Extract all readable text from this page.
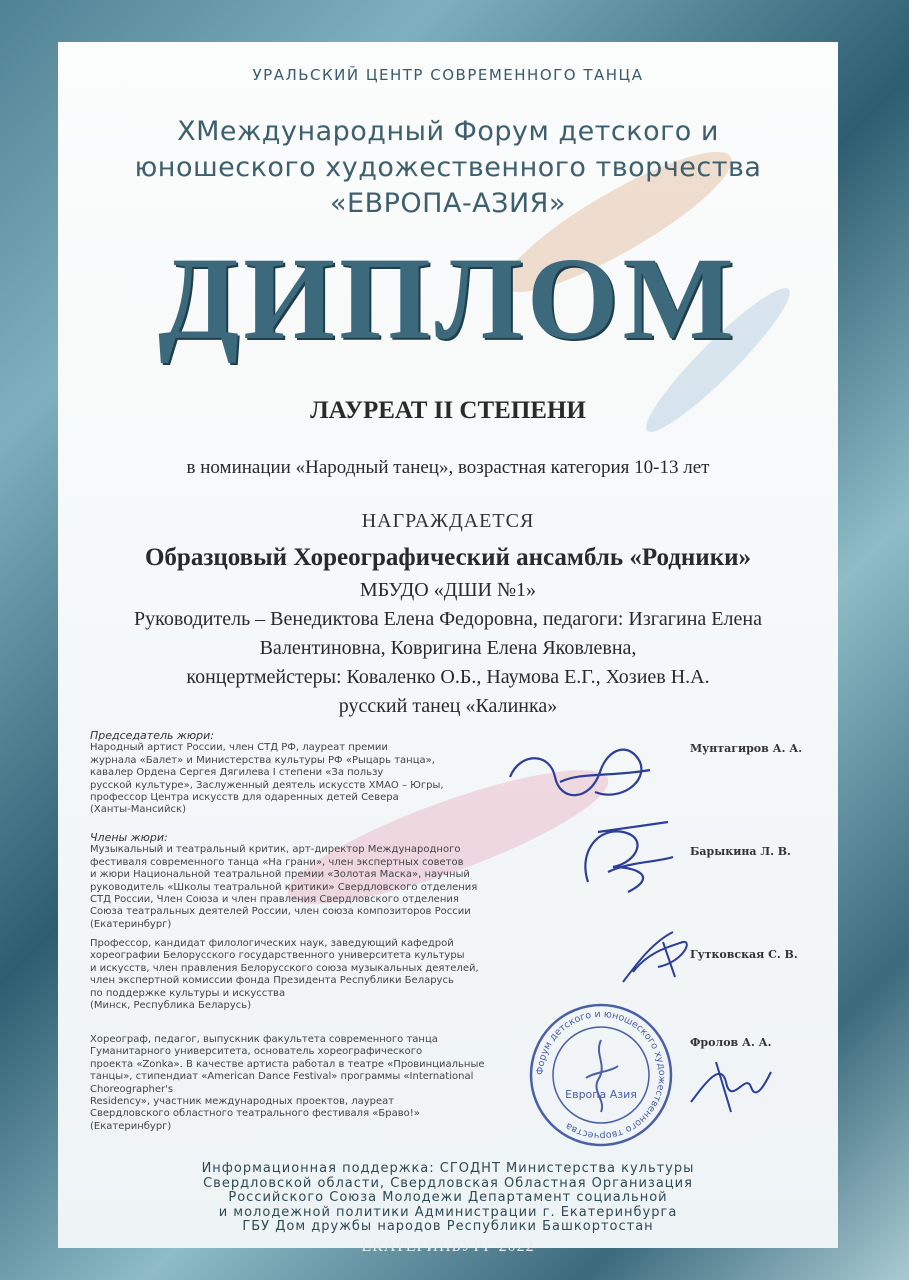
УРАЛЬСКИЙ ЦЕНТР СОВРЕМЕННОГО ТАНЦА
XМеждународный Форум детского и
юношеского художественного творчества
«ЕВРОПА-АЗИЯ»
ДИПЛОМ
ЛАУРЕАТ II СТЕПЕНИ
в номинации «Народный танец», возрастная категория 10-13 лет
НАГРАЖДАЕТСЯ
Образцовый Хореографический ансамбль «Родники»
МБУДО «ДШИ №1»
Руководитель – Венедиктова Елена Федоровна, педагоги: Изгагина Елена
Валентиновна, Ковригина Елена Яковлевна,
концертмейстеры: Коваленко О.Б., Наумова Е.Г., Хозиев Н.А.
русский танец «Калинка»
Председатель жюри:
Народный артист России, член СТД РФ, лауреат премии
журнала «Балет» и Министерства культуры РФ «Рыцарь танца»,
кавалер Ордена Сергея Дягилева I степени «За пользу
русской культуре», Заслуженный деятель искусств ХМАО – Югры,
профессор Центра искусств для одаренных детей Севера
(Ханты-Мансийск)
Мунтагиров А. А.
Члены жюри:
Музыкальный и театральный критик, арт-директор Международного
фестиваля современного танца «На грани», член экспертных советов
и жюри Национальной театральной премии «Золотая Маска», научный
руководитель «Школы театральной критики» Свердловского отделения
СТД России, Член Союза и член правления Свердловского отделения
Союза театральных деятелей России, член союза композиторов России
(Екатеринбург)
Барыкина Л. В.
Профессор, кандидат филологических наук, заведующий кафедрой
хореографии Белорусского государственного университета культуры
и искусств, член правления Белорусского союза музыкальных деятелей,
член экспертной комиссии фонда Президента Республики Беларусь
по поддержке культуры и искусства
(Минск, Республика Беларусь)
Гутковская С. В.
Хореограф, педагог, выпускник факультета современного танца
Гуманитарного университета, основатель хореографического
проекта «Zonka». В качестве артиста работал в театре «Провинциальные
танцы», стипендиат «American Dance Festival» программы «International Choreographer's
Residency», участник международных проектов, лауреат
Свердловского областного театрального фестиваля «Браво!»
(Екатеринбург)
Фролов А. А.
Форум детского и юношеского художественного творчества
Европа Азия
Информационная поддержка: СГОДНТ Министерства культуры
Свердловской области, Свердловская Областная Организация
Российского Союза Молодежи Департамент социальной
и молодежной политики Администрации г. Екатеринбурга
ГБУ Дом дружбы народов Республики Башкортостан
ЕКАТЕРИНБУРГ 2022
